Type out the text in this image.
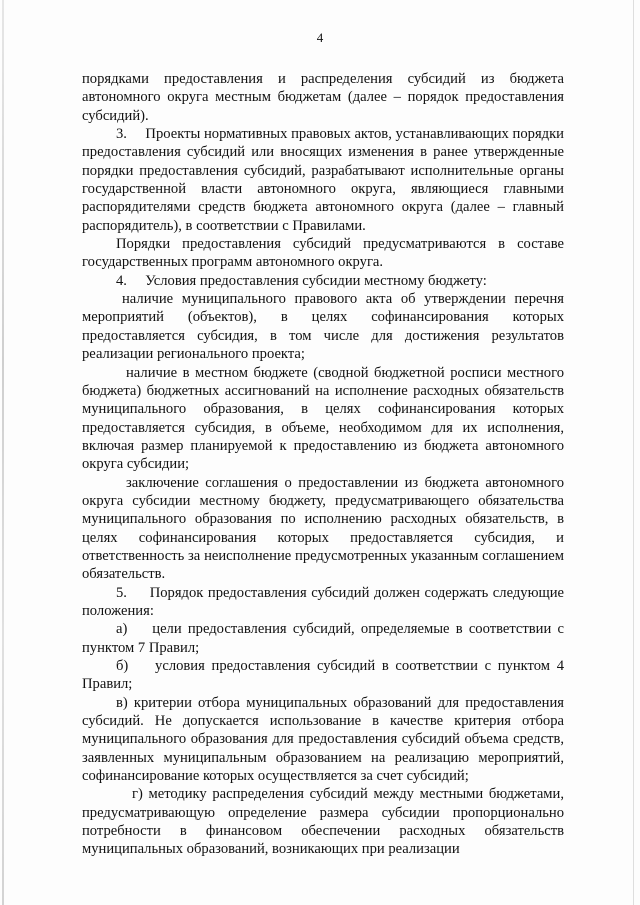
4

порядками предоставления и распределения субсидий из бюджета автономного округа местным бюджетам (далее – порядок предоставления субсидий).

3.     Проекты нормативных правовых актов, устанавливающих порядки предоставления субсидий или вносящих изменения в ранее утвержденные порядки предоставления субсидий, разрабатывают исполнительные органы государственной власти автономного округа, являющиеся главными распорядителями средств бюджета автономного округа (далее – главный распорядитель), в соответствии с Правилами.

Порядки предоставления субсидий предусматриваются в составе государственных программ автономного округа.

4.     Условия предоставления субсидии местному бюджету:

наличие муниципального правового акта об утверждении перечня мероприятий (объектов), в целях софинансирования которых предоставляется субсидия, в том числе для достижения результатов реализации регионального проекта;

наличие в местном бюджете (сводной бюджетной росписи местного бюджета) бюджетных ассигнований на исполнение расходных обязательств муниципального образования, в целях софинансирования которых предоставляется субсидия, в объеме, необходимом для их исполнения, включая размер планируемой к предоставлению из бюджета автономного округа субсидии;

заключение соглашения о предоставлении из бюджета автономного округа субсидии местному бюджету, предусматривающего обязательства муниципального образования по исполнению расходных обязательств, в целях софинансирования которых предоставляется субсидия, и ответственность за неисполнение предусмотренных указанным соглашением обязательств.

5.     Порядок предоставления субсидий должен содержать следующие положения:

а)    цели предоставления субсидий, определяемые в соответствии с пунктом 7 Правил;

б)    условия предоставления субсидий в соответствии с пунктом 4 Правил;

в) критерии отбора муниципальных образований для предоставления субсидий. Не допускается использование в качестве критерия отбора муниципального образования для предоставления субсидий объема средств, заявленных муниципальным образованием на реализацию мероприятий, софинансирование которых осуществляется за счет субсидий;

г) методику распределения субсидий между местными бюджетами, предусматривающую определение размера субсидии пропорционально потребности в финансовом обеспечении расходных обязательств муниципальных образований, возникающих при реализации
